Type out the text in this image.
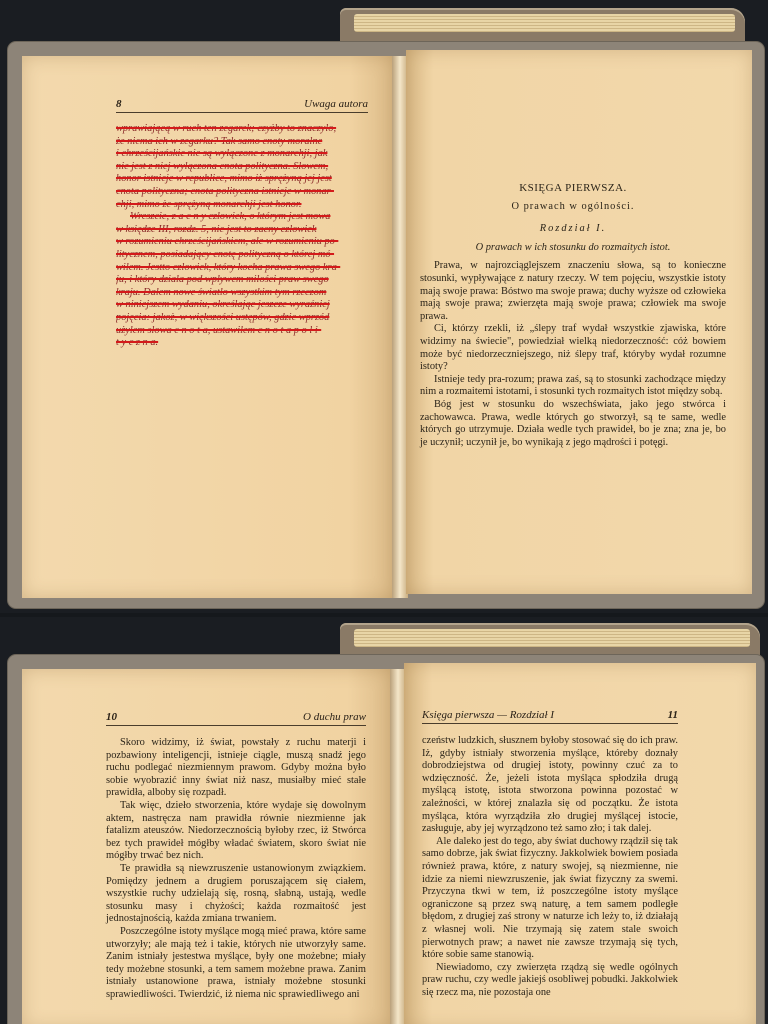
8	Uwaga autora
wprawiającą w ruch ten zegarek; czyżby to znaczyło,
że niema ich w zegarku? Tak samo cnoty moralne
i chrześcijańskie nie są wyłączone z monarchji, jak
nie jest z niej wyłączona cnota polityczna. Słowem,
honor istnieje w republice, mimo iż sprężyną jej jest
cnota polityczna; cnota polityczna istnieje w monar-
chji, mimo że sprężyną monarchji jest honor.
Wreszcie, z a c n y człowiek, o którym jest mowa
w księdze III, rozdz. 5, nie jest to zacny człowiek
w rozumieniu chrześcijańskiem, ale w rozumieniu po-
litycznem, posiadający cnotę polityczną o której mó-
wiłem. Jestto człowiek, który kocha prawa swego kra-
ju, i który działa pod wpływem miłości praw swego
kraju. Dałem nowe światło wszystkim tym rzeczom
w niniejszem wydaniu, określając jeszcze wyraźniej
pojęcia: jakoż, w większości ustępów, gdzie wprzód
użyłem słowa c n o t a, ustawiłem c n o t a p o l i-
t y c z n a.

KSIĘGA PIERWSZA.

O prawach w ogólności.

Rozdział I.

O prawach w ich stosunku do rozmaitych istot.

Prawa, w najrozciąglejszem znaczeniu słowa, są to konieczne stosunki, wypływające z natury rzeczy. W tem pojęciu, wszystkie istoty mają swoje prawa: Bóstwo ma swoje prawa; duchy wyższe od człowieka mają swoje prawa; zwierzęta mają swoje prawa; człowiek ma swoje prawa.

Ci, którzy rzekli, iż „ślepy traf wydał wszystkie zjawiska, które widzimy na świecie", powiedział wielką niedorzeczność: cóż bowiem może być niedorzeczniejszego, niż ślepy traf, któryby wydał rozumne istoty?

Istnieje tedy pra-rozum; prawa zaś, są to stosunki zachodzące między nim a rozmaitemi istotami, i stosunki tych rozmaitych istot między sobą.

Bóg jest w stosunku do wszechświata, jako jego stwórca i zachowawca. Prawa, wedle których go stworzył, są te same, wedle których go utrzymuje. Działa wedle tych prawideł, bo je zna; zna je, bo je uczynił; uczynił je, bo wynikają z jego mądrości i potęgi.

10	O duchu praw

Skoro widzimy, iż świat, powstały z ruchu materji i pozbawiony inteligencji, istnieje ciągle, muszą snadź jego ruchu podlegać niezmiennym prawom. Gdyby można było sobie wyobrazić inny świat niż nasz, musiałby mieć stałe prawidła, alboby się rozpadł.

Tak więc, dzieło stworzenia, które wydaje się dowolnym aktem, nastręcza nam prawidła równie niezmienne jak fatalizm ateuszów. Niedorzecznością byłoby rzec, iż Stwórca bez tych prawideł mógłby władać światem, skoro świat nie mógłby trwać bez nich.

Te prawidła są niewzruszenie ustanowionym związkiem. Pomiędzy jednem a drugiem poruszającem się ciałem, wszystkie ruchy udzielają się, rosną, słabną, ustają, wedle stosunku masy i chyżości; każda rozmaitość jest jednostajnością, każda zmiana trwaniem.

Poszczególne istoty myślące mogą mieć prawa, które same utworzyły; ale mają też i takie, których nie utworzyły same. Zanim istniały jestestwa myślące, były one możebne; miały tedy możebne stosunki, a tem samem możebne prawa. Zanim istniały ustanowione prawa, istniały możebne stosunki sprawiedliwości. Twierdzić, iż niema nic sprawiedliwego ani

Księga pierwsza — Rozdział I	11

czeństw ludzkich, słusznem byłoby stosować się do ich praw. Iż, gdyby istniały stworzenia myślące, któreby doznały dobrodziejstwa od drugiej istoty, powinny czuć za to wdzięczność. Że, jeżeli istota myśląca spłodziła drugą myślącą istotę, istota stworzona powinna pozostać w zależności, w której znalazła się od początku. Że istota myśląca, która wyrządziła zło drugiej myślącej istocie, zasługuje, aby jej wyrządzono też samo zło; i tak dalej.

Ale daleko jest do tego, aby świat duchowy rządził się tak samo dobrze, jak świat fizyczny. Jakkolwiek bowiem posiada również prawa, które, z natury swojej, są niezmienne, nie idzie za niemi niewzruszenie, jak świat fizyczny za swemi. Przyczyna tkwi w tem, iż poszczególne istoty myślące ograniczone są przez swą naturę, a tem samem podległe błędom, z drugiej zaś strony w naturze ich leży to, iż działają z własnej woli. Nie trzymają się zatem stale swoich pierwotnych praw; a nawet nie zawsze trzymają się tych, które sobie same stanowią.

Niewiadomo, czy zwierzęta rządzą się wedle ogólnych praw ruchu, czy wedle jakiejś osobliwej pobudki. Jakkolwiek się rzecz ma, nie pozostaja one
